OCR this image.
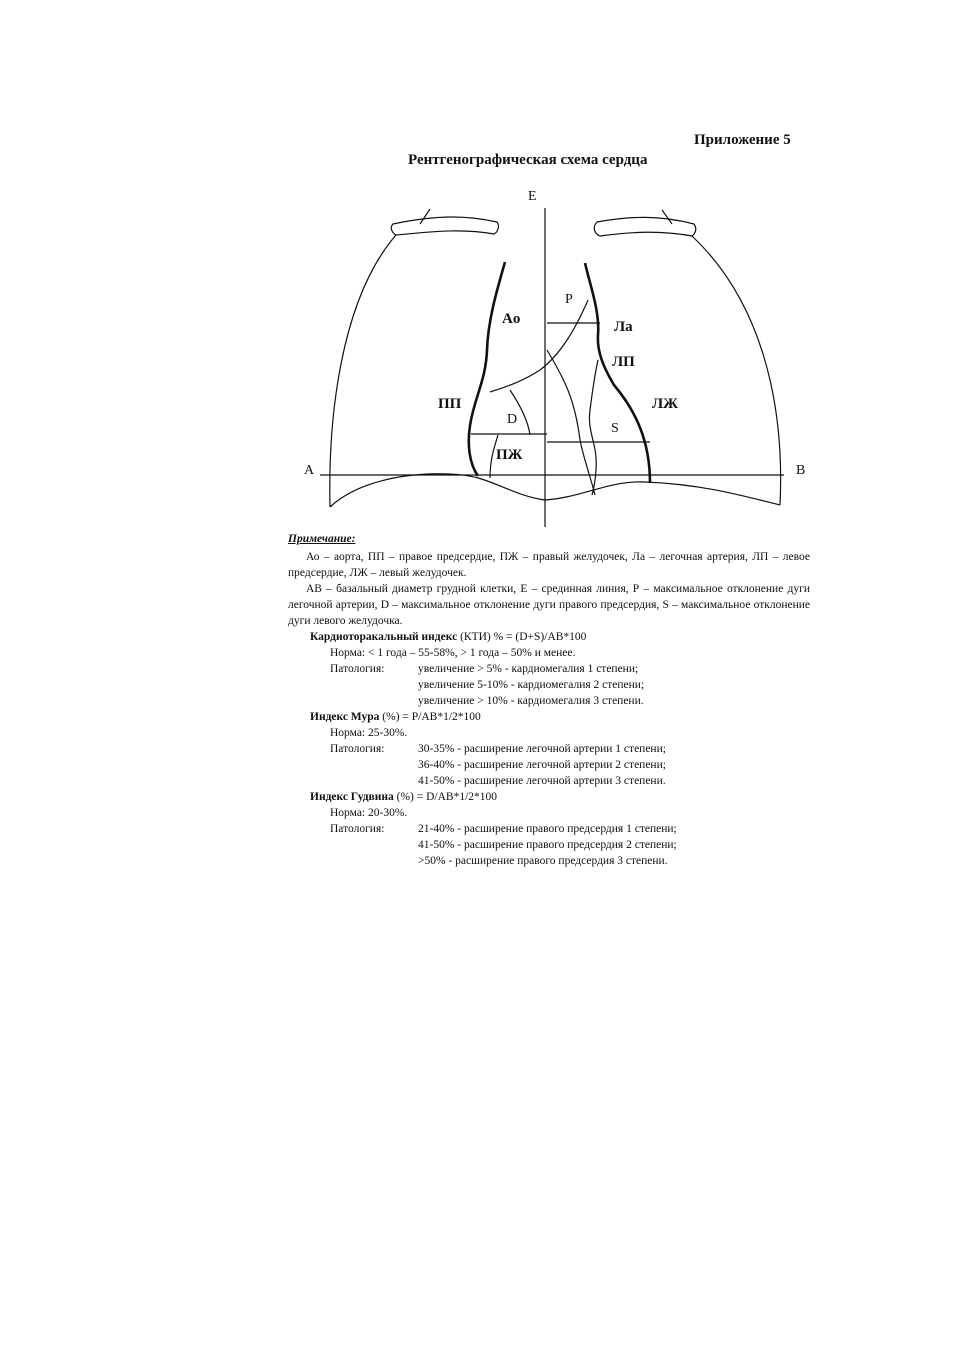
Приложение 5
Рентгенографическая схема сердца
E
A	B
P
D
S
Ao	Ла
ЛП
ЛЖ
ПП
ПЖ

Примечание:

Ао – аорта, ПП – правое предсердие, ПЖ – правый желудочек, Ла – легочная артерия, ЛП – левое предсердие, ЛЖ – левый желудочек.

АВ – базальный диаметр грудной клетки, Е – срединная линия, Р – максимальное отклонение дуги легочной артерии, D – максимальное отклонение дуги правого предсердия, S – максимальное отклонение дуги левого желудочка.

Кардиоторакальный индекс (КТИ) % = (D+S)/AB*100

Норма: < 1 года – 55-58%, > 1 года – 50% и менее.

Патология:	увеличение > 5% - кардиомегалия 1 степени;

увеличение 5-10% - кардиомегалия 2 степени;

увеличение > 10% - кардиомегалия 3 степени.

Индекс Мура (%) = P/AB*1/2*100

Норма: 25-30%.

Патология:	30-35% - расширение легочной артерии 1 степени;

36-40% - расширение легочной артерии 2 степени;

41-50% - расширение легочной артерии 3 степени.

Индекс Гудвина (%) = D/AB*1/2*100

Норма: 20-30%.

Патология:	21-40% - расширение правого предсердия 1 степени;

41-50% - расширение правого предсердия 2 степени;

>50% - расширение правого предсердия 3 степени.
